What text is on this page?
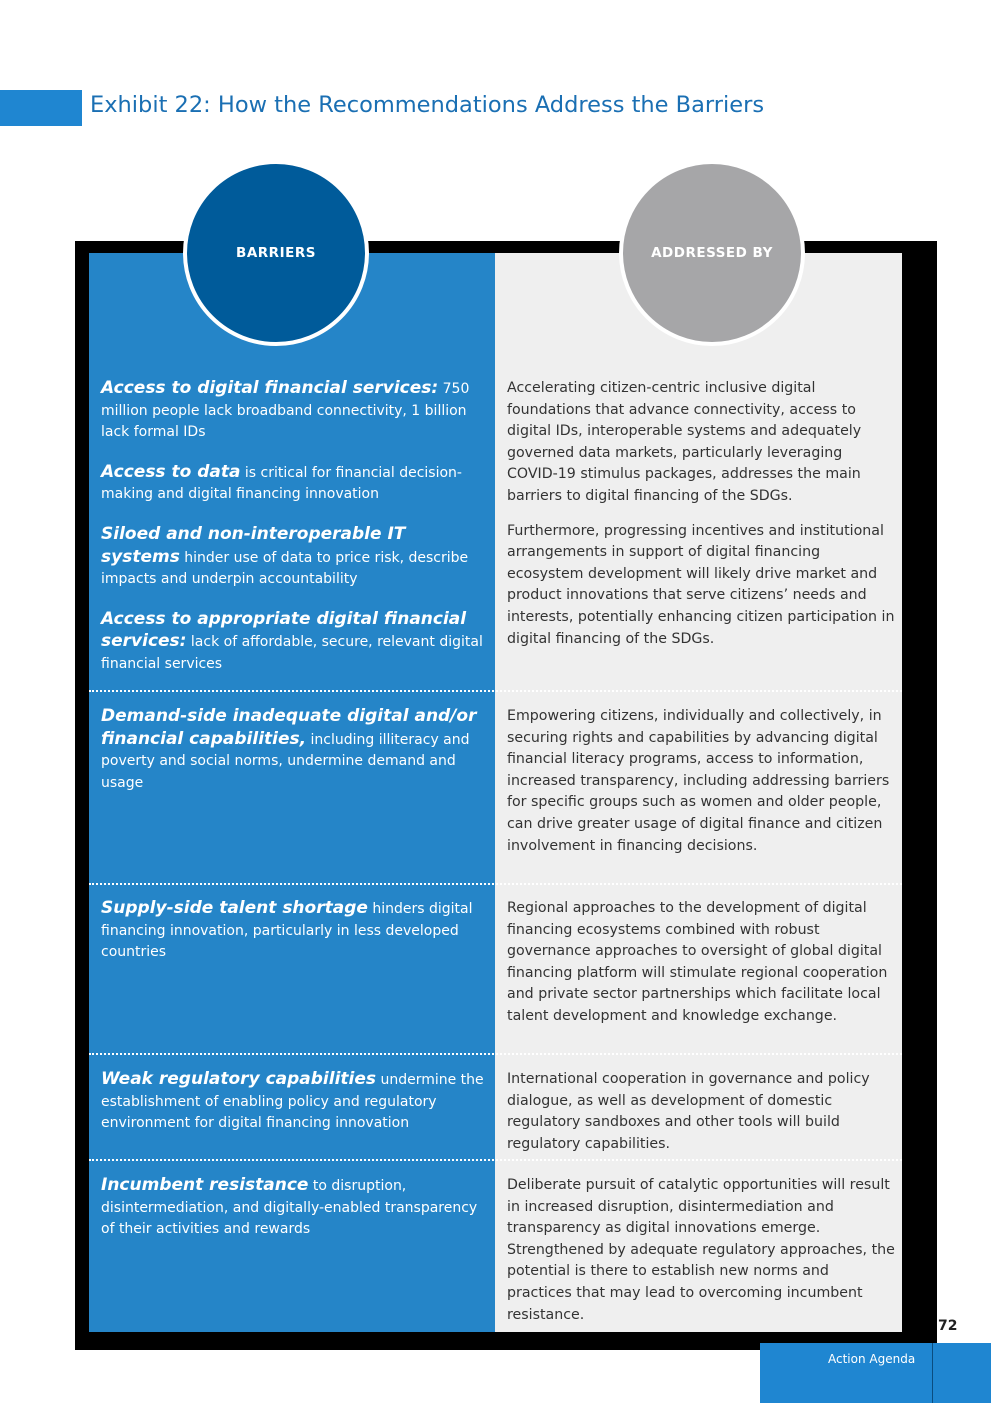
Exhibit 22: How the Recommendations Address the Barriers
BARRIERS	ADDRESSED BY

Access to digital financial services: 750 million people lack broadband connectivity, 1 billion lack formal IDs

Access to data is critical for financial decision-making and digital financing innovation

Siloed and non-interoperable IT systems hinder use of data to price risk, describe impacts and underpin accountability

Access to appropriate digital financial services: lack of affordable, secure, relevant digital financial services

Accelerating citizen-centric inclusive digital foundations that advance connectivity, access to digital IDs, interoperable systems and adequately governed data markets, particularly leveraging COVID-19 stimulus packages, addresses the main barriers to digital financing of the SDGs.

Furthermore, progressing incentives and institutional arrangements in support of digital financing ecosystem development will likely drive market and product innovations that serve citizens’ needs and interests, potentially enhancing citizen participation in digital financing of the SDGs.

Demand-side inadequate digital and/or financial capabilities, including illiteracy and poverty and social norms, undermine demand and usage

Empowering citizens, individually and collectively, in securing rights and capabilities by advancing digital financial literacy programs, access to information, increased transparency, including addressing barriers for specific groups such as women and older people, can drive greater usage of digital finance and citizen involvement in financing decisions.

Supply-side talent shortage hinders digital financing innovation, particularly in less developed countries

Regional approaches to the development of digital financing ecosystems combined with robust governance approaches to oversight of global digital financing platform will stimulate regional cooperation and private sector partnerships which facilitate local talent development and knowledge exchange.

Weak regulatory capabilities undermine the establishment of enabling policy and regulatory environment for digital financing innovation

International cooperation in governance and policy dialogue, as well as development of domestic regulatory sandboxes and other tools will build regulatory capabilities.

Incumbent resistance to disruption, disintermediation, and digitally-enabled transparency of their activities and rewards

Deliberate pursuit of catalytic opportunities will result in increased disruption, disintermediation and transparency as digital innovations emerge. Strengthened by adequate regulatory approaches, the potential is there to establish new norms and practices that may lead to overcoming incumbent resistance.

72
Action Agenda
